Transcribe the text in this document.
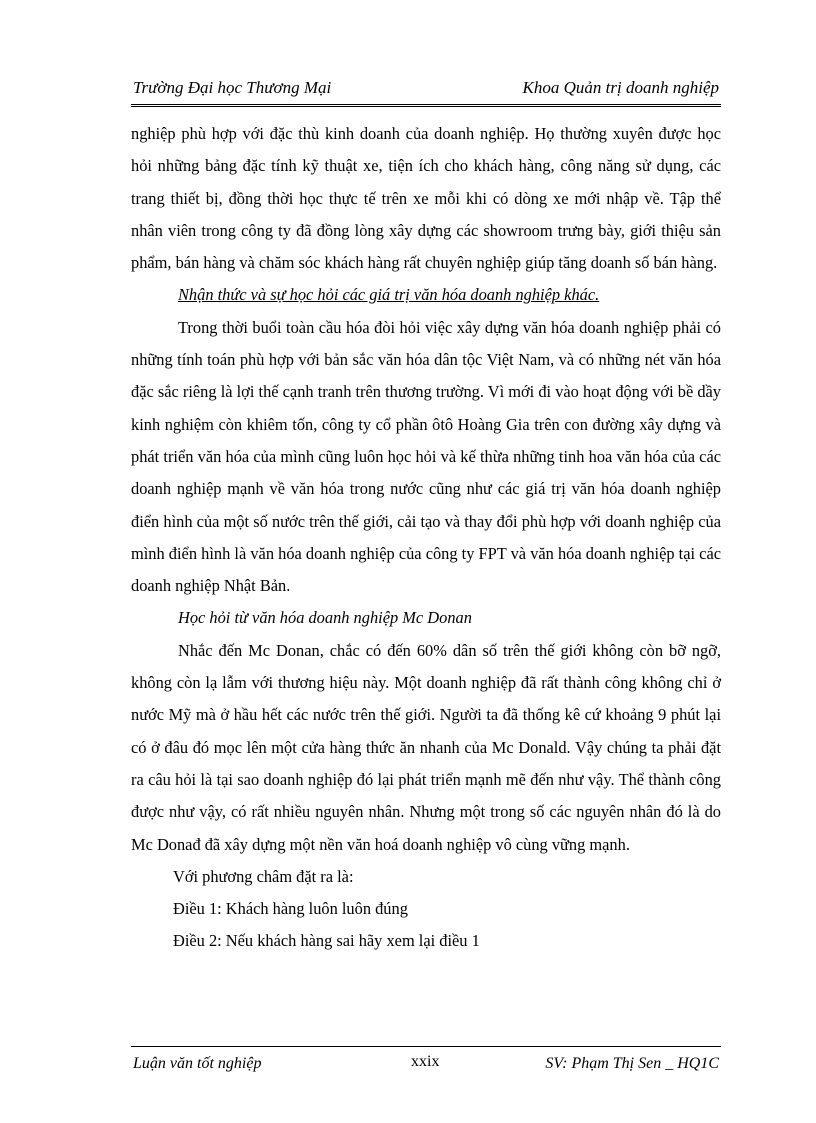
Trường Đại học Thương Mại	Khoa Quản trị doanh nghiệp

nghiệp phù hợp với đặc thù kinh doanh của doanh nghiệp. Họ thường xuyên được học hỏi những bảng đặc tính kỹ thuật xe, tiện ích cho khách hàng, công năng sử dụng, các trang thiết bị, đồng thời học thực tế trên xe mỗi khi có dòng xe mới nhập về. Tập thể nhân viên trong công ty đã đồng lòng xây dựng các showroom trưng bày, giới thiệu sản phẩm, bán hàng và chăm sóc khách hàng rất chuyên nghiệp giúp tăng doanh số bán hàng.

Nhận thức và sự học hỏi các giá trị văn hóa doanh nghiệp khác.

Trong thời buổi toàn cầu hóa đòi hỏi việc xây dựng văn hóa doanh nghiệp phải có những tính toán phù hợp với bản sắc văn hóa dân tộc Việt Nam, và có những nét văn hóa đặc sắc riêng là lợi thế cạnh tranh trên thương trường. Vì mới đi vào hoạt động với bề dầy kinh nghiệm còn khiêm tốn, công ty cổ phần ôtô Hoàng Gia trên con đường xây dựng và phát triển văn hóa của mình cũng luôn học hỏi và kế thừa những tinh hoa văn hóa của các doanh nghiệp mạnh về văn hóa trong nước cũng như các giá trị văn hóa doanh nghiệp điển hình của một số nước trên thế giới, cải tạo và thay đổi phù hợp với doanh nghiệp của mình điển hình là văn hóa doanh nghiệp của công ty FPT và văn hóa doanh nghiệp tại các doanh nghiệp Nhật Bản.

Học hỏi từ văn hóa doanh nghiệp Mc Donan

Nhắc đến Mc Donan, chắc có đến 60% dân số trên thế giới không còn bỡ ngỡ, không còn lạ lẫm với thương hiệu này. Một doanh nghiệp đã rất thành công không chỉ ở nước Mỹ mà ở hầu hết các nước trên thế giới. Người ta đã thống kê cứ khoảng 9 phút lại có ở đâu đó mọc lên một cửa hàng thức ăn nhanh của Mc Donald. Vậy chúng ta phải đặt ra câu hỏi là tại sao doanh nghiệp đó lại phát triển mạnh mẽ đến như vậy. Thể thành công được như vậy, có rất nhiều nguyên nhân. Nhưng một trong số các nguyên nhân đó là do Mc Donađ đã xây dựng một nền văn hoá doanh nghiệp vô cùng vững mạnh.

Với phương châm đặt ra là:

Điều 1: Khách hàng luôn luôn đúng

Điều 2: Nếu khách hàng sai hãy xem lại điều 1

Luận văn tốt nghiệp	xxix	SV: Phạm Thị Sen _ HQ1C
